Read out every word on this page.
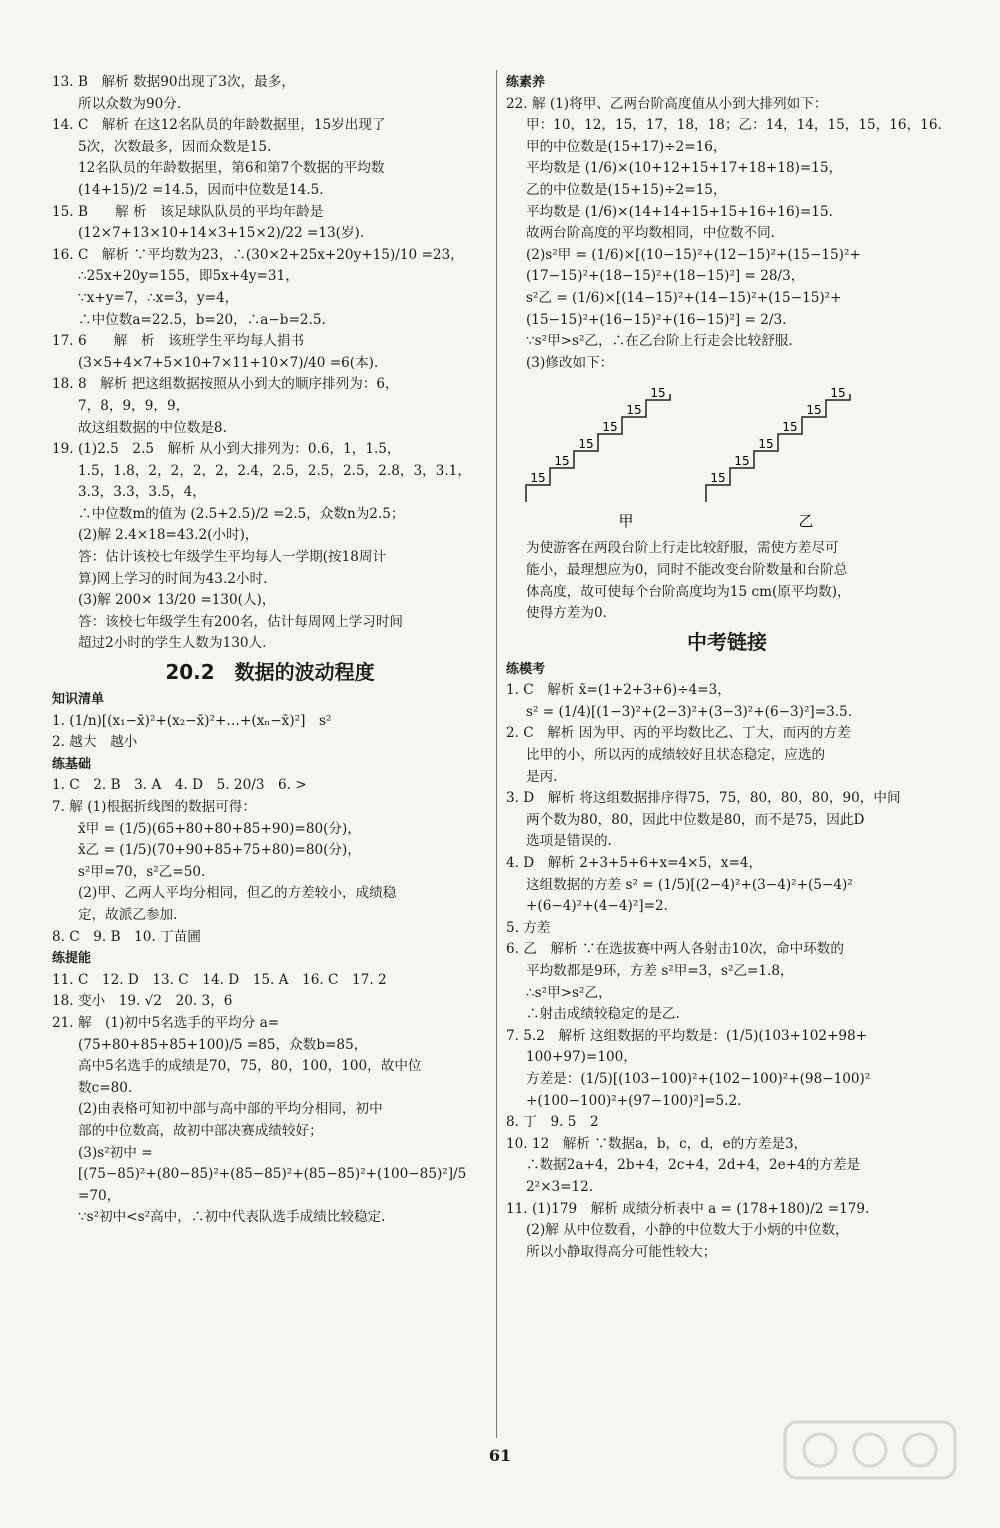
13. B　解析 数据90出现了3次，最多，

所以众数为90分.

14. C　解析 在这12名队员的年龄数据里，15岁出现了

5次，次数最多，因而众数是15.

12名队员的年龄数据里，第6和第7个数据的平均数

(14+15)/2 =14.5，因而中位数是14.5.

15. B　　解 析　该足球队队员的平均年龄是

(12×7+13×10+14×3+15×2)/22 =13(岁).

16. C　解析 ∵平均数为23，∴(30×2+25x+20y+15)/10 =23，

∴25x+20y=155，即5x+4y=31，

∵x+y=7，∴x=3，y=4，

∴中位数a=22.5，b=20，∴a−b=2.5.

17. 6　　解　析　该班学生平均每人捐书

(3×5+4×7+5×10+7×11+10×7)/40 =6(本).

18. 8　解析 把这组数据按照从小到大的顺序排列为：6，

7，8，9，9，9，

故这组数据的中位数是8.

19. (1)2.5　2.5　解析 从小到大排列为：0.6，1，1.5，

1.5，1.8，2，2，2，2，2.4，2.5，2.5，2.5，2.8，3，3.1，

3.3，3.3，3.5，4，

∴中位数m的值为 (2.5+2.5)/2 =2.5，众数n为2.5；

(2)解 2.4×18=43.2(小时)，

答：估计该校七年级学生平均每人一学期(按18周计

算)网上学习的时间为43.2小时.

(3)解 200× 13/20 =130(人)，

答：该校七年级学生有200名，估计每周网上学习时间

超过2小时的学生人数为130人.

20.2　数据的波动程度

知识清单

1. (1/n)[(x₁−x̄)²+(x₂−x̄)²+…+(xₙ−x̄)²]　s²

2. 越大　越小

练基础

1. C　2. B　3. A　4. D　5. 20/3　6. >

7. 解 (1)根据折线图的数据可得：

x̄甲 = (1/5)(65+80+80+85+90)=80(分)，

x̄乙 = (1/5)(70+90+85+75+80)=80(分)，

s²甲=70，s²乙=50.

(2)甲、乙两人平均分相同，但乙的方差较小，成绩稳

定，故派乙参加.

8. C　9. B　10. 丁苗圃

练提能

11. C　12. D　13. C　14. D　15. A　16. C　17. 2

18. 变小　19. √2　20. 3，6

21. 解　(1)初中5名选手的平均分 a=

(75+80+85+85+100)/5 =85，众数b=85，

高中5名选手的成绩是70，75，80，100，100，故中位

数c=80.

(2)由表格可知初中部与高中部的平均分相同，初中

部的中位数高，故初中部决赛成绩较好；

(3)s²初中 =

[(75−85)²+(80−85)²+(85−85)²+(85−85)²+(100−85)²]/5 =70，

∵s²初中<s²高中，∴初中代表队选手成绩比较稳定.

练素养

22. 解 (1)将甲、乙两台阶高度值从小到大排列如下：

甲：10，12，15，17，18，18；乙：14，14，15，15，16，16.

甲的中位数是(15+17)÷2=16，

平均数是 (1/6)×(10+12+15+17+18+18)=15，

乙的中位数是(15+15)÷2=15，

平均数是 (1/6)×(14+14+15+15+16+16)=15.

故两台阶高度的平均数相同，中位数不同.

(2)s²甲 = (1/6)×[(10−15)²+(12−15)²+(15−15)²+

(17−15)²+(18−15)²+(18−15)²] = 28/3，

s²乙 = (1/6)×[(14−15)²+(14−15)²+(15−15)²+

(15−15)²+(16−15)²+(16−15)²] = 2/3.

∵s²甲>s²乙，∴在乙台阶上行走会比较舒服.

(3)修改如下：

15
15
15
15
15
15
15
15
15
15
15
15
甲	乙

为使游客在两段台阶上行走比较舒服，需使方差尽可

能小，最理想应为0，同时不能改变台阶数量和台阶总

体高度，故可使每个台阶高度均为15 cm(原平均数)，

使得方差为0.

中考链接

练模考

1. C　解析 x̄=(1+2+3+6)÷4=3，

s² = (1/4)[(1−3)²+(2−3)²+(3−3)²+(6−3)²]=3.5.

2. C　解析 因为甲、丙的平均数比乙、丁大，而丙的方差

比甲的小，所以丙的成绩较好且状态稳定，应选的

是丙.

3. D　解析 将这组数据排序得75，75，80，80，80，90，中间

两个数为80，80，因此中位数是80，而不是75，因此D

选项是错误的.

4. D　解析 2+3+5+6+x=4×5，x=4，

这组数据的方差 s² = (1/5)[(2−4)²+(3−4)²+(5−4)²

+(6−4)²+(4−4)²]=2.

5. 方差

6. 乙　解析 ∵在选拔赛中两人各射击10次，命中环数的

平均数都是9环，方差 s²甲=3，s²乙=1.8，

∴s²甲>s²乙，

∴射击成绩较稳定的是乙.

7. 5.2　解析 这组数据的平均数是：(1/5)(103+102+98+

100+97)=100，

方差是：(1/5)[(103−100)²+(102−100)²+(98−100)²

+(100−100)²+(97−100)²]=5.2.

8. 丁　9. 5　2

10. 12　解析 ∵数据a，b，c，d，e的方差是3，

∴数据2a+4，2b+4，2c+4，2d+4，2e+4的方差是

2²×3=12.

11. (1)179　解析 成绩分析表中 a = (178+180)/2 =179.

(2)解 从中位数看，小静的中位数大于小炳的中位数，

所以小静取得高分可能性较大；

61
